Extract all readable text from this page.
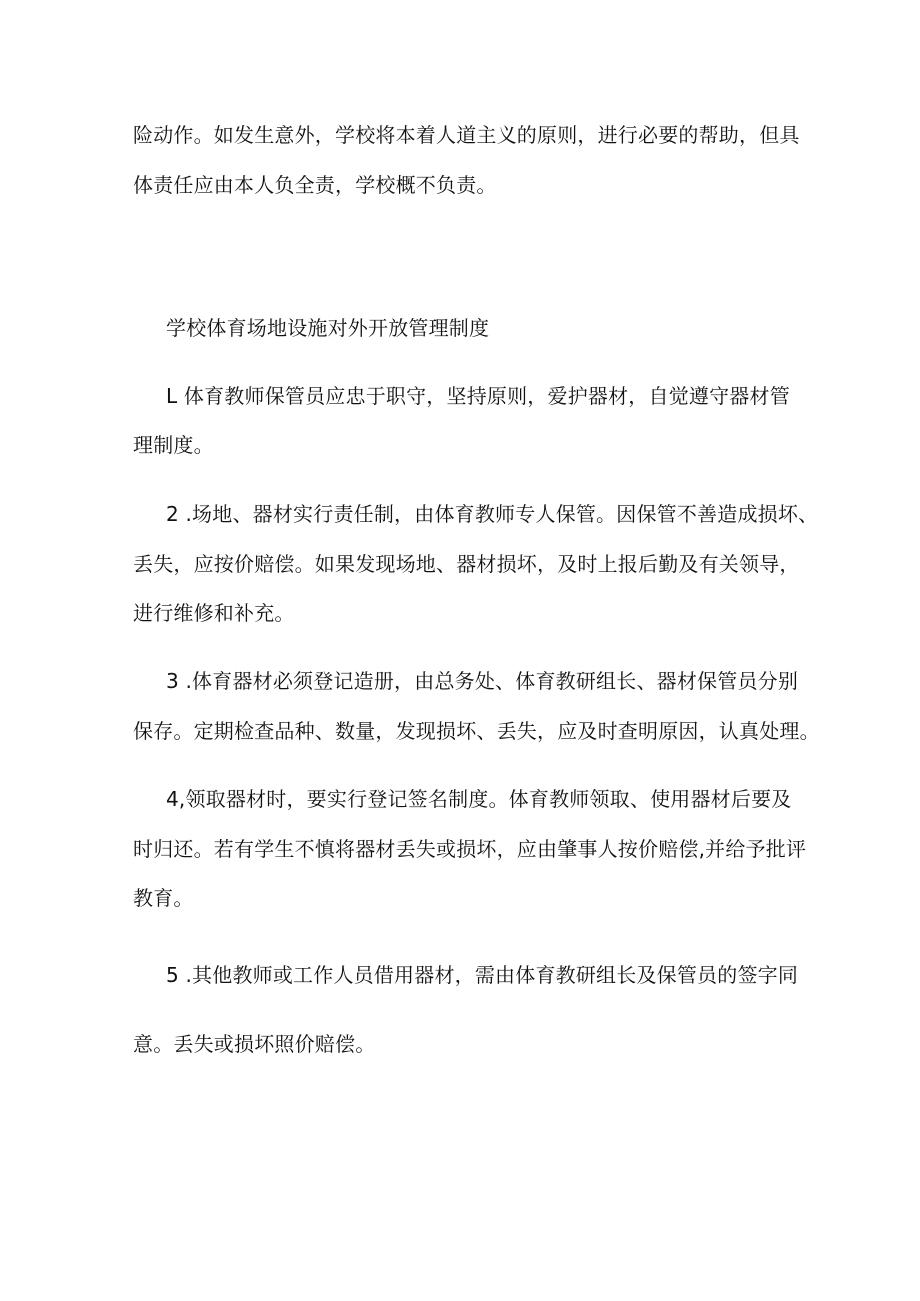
险动作。如发生意外，学校将本着人道主义的原则，进行必要的帮助，但具
体责任应由本人负全责，学校概不负责。
学校体育场地设施对外开放管理制度
L 体育教师保管员应忠于职守，坚持原则，爱护器材，自觉遵守器材管
理制度。
2 .场地、器材实行责任制，由体育教师专人保管。因保管不善造成损坏、
丢失，应按价赔偿。如果发现场地、器材损坏，及时上报后勤及有关领导，
进行维修和补充。
3 .体育器材必须登记造册，由总务处、体育教研组长、器材保管员分别
保存。定期检查品种、数量，发现损坏、丢失，应及时查明原因，认真处理。
4,领取器材时，要实行登记签名制度。体育教师领取、使用器材后要及
时归还。若有学生不慎将器材丢失或损坏，应由肇事人按价赔偿,并给予批评
教育。
5 .其他教师或工作人员借用器材，需由体育教研组长及保管员的签字同
意。丢失或损坏照价赔偿。
